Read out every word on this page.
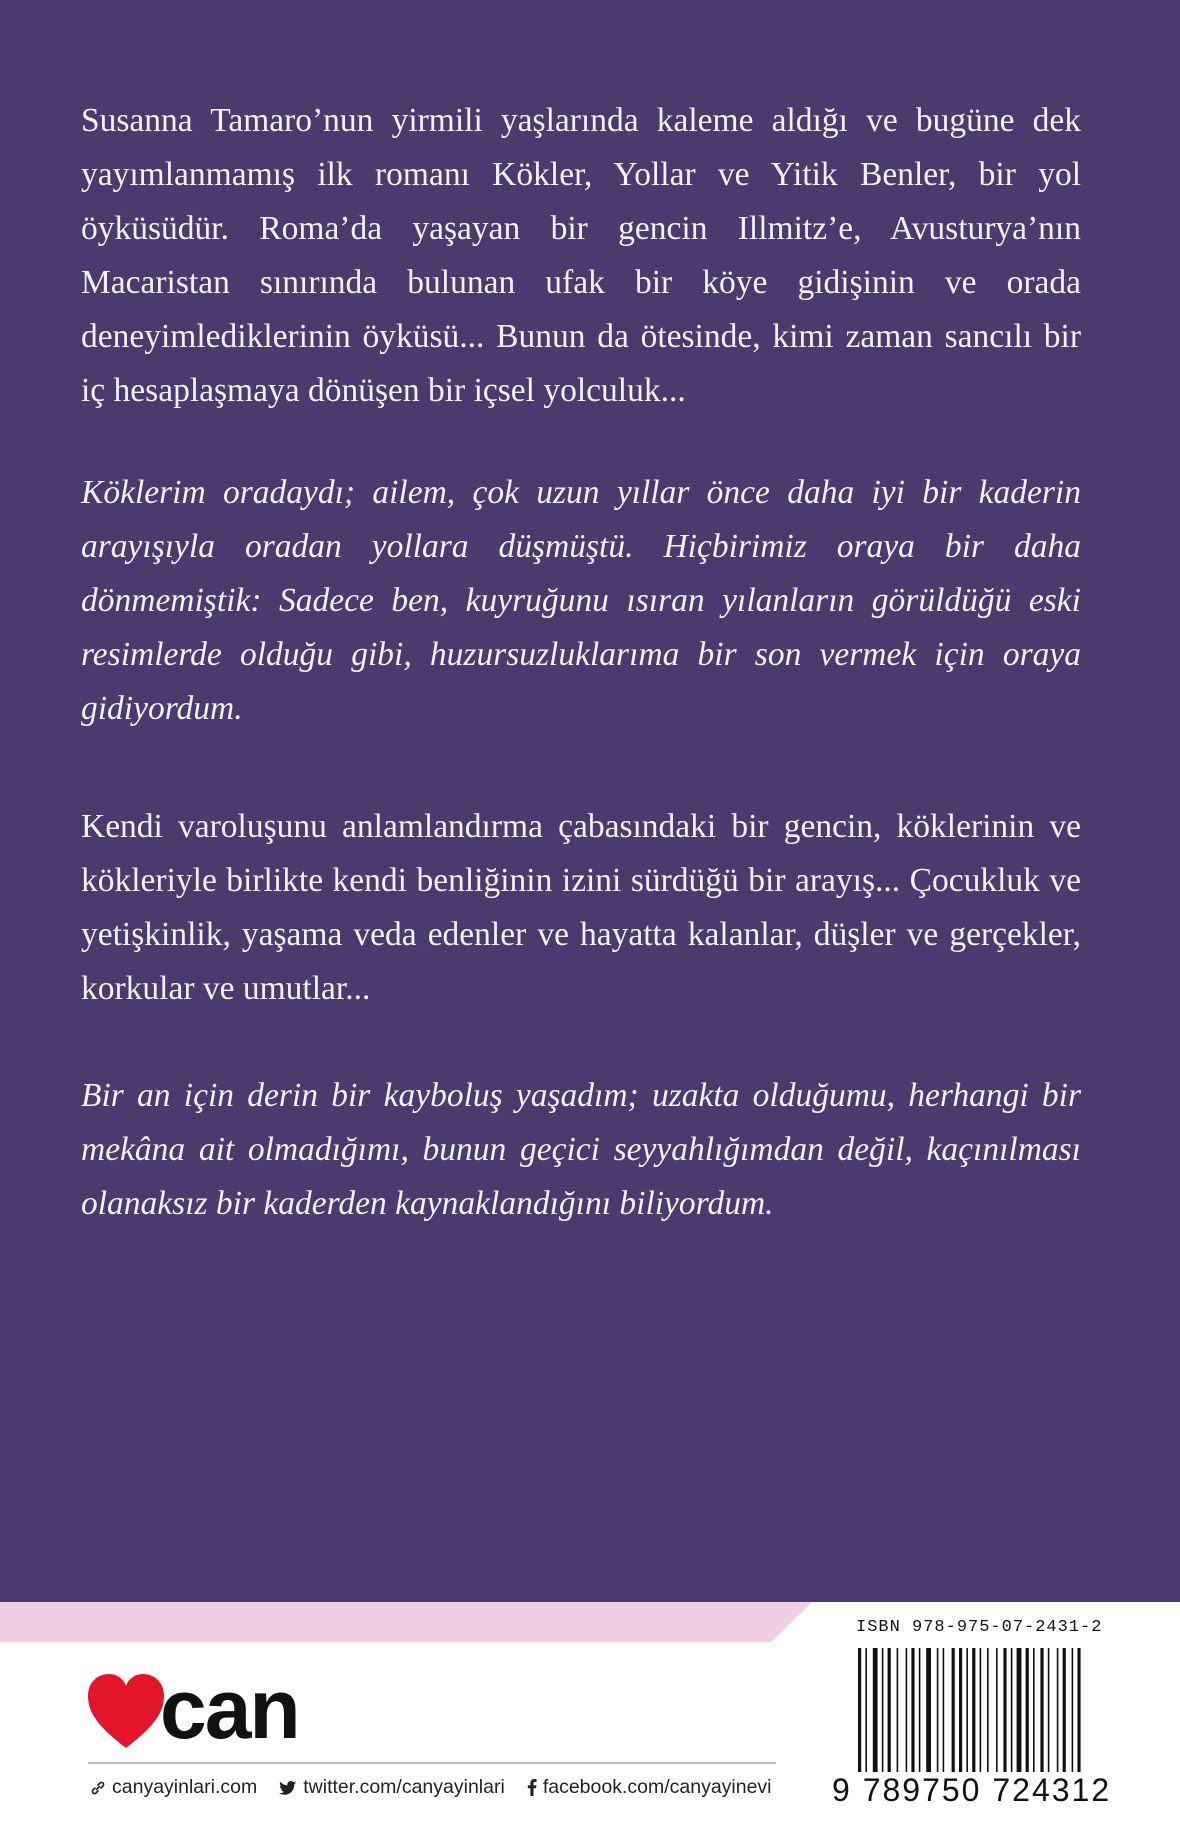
Susanna Tamaro’nun yirmili yaşlarında kaleme aldığı ve bugüne dek yayımlanmamış ilk romanı Kökler, Yollar ve Yitik Benler, bir yol öyküsüdür. Roma’da yaşayan bir gencin Illmitz’e, Avusturya’nın Macaristan sınırında bulunan ufak bir köye gidişinin ve orada deneyimlediklerinin öyküsü... Bunun da ötesinde, kimi zaman sancılı bir iç hesaplaşmaya dönüşen bir içsel yolculuk...

Köklerim oradaydı; ailem, çok uzun yıllar önce daha iyi bir kaderin arayışıyla oradan yollara düşmüştü. Hiçbirimiz oraya bir daha dönmemiştik: Sadece ben, kuyruğunu ısıran yılanların görüldüğü eski resimlerde olduğu gibi, huzursuzluklarıma bir son vermek için oraya gidiyordum.

Kendi varoluşunu anlamlandırma çabasındaki bir gencin, köklerinin ve kökleriyle birlikte kendi benliğinin izini sürdüğü bir arayış... Çocukluk ve yetişkinlik, yaşama veda edenler ve hayatta kalanlar, düşler ve gerçekler, korkular ve umutlar...

Bir an için derin bir kayboluş yaşadım; uzakta olduğumu, herhangi bir mekâna ait olmadığımı, bunun geçici seyyahlığımdan değil, kaçınılması olanaksız bir kaderden kaynaklandığını biliyordum.

can
canyayinlari.com twitter.com/canyayinlari facebook.com/canyayinevi
ISBN 978-975-07-2431-2
9 789750 724312
